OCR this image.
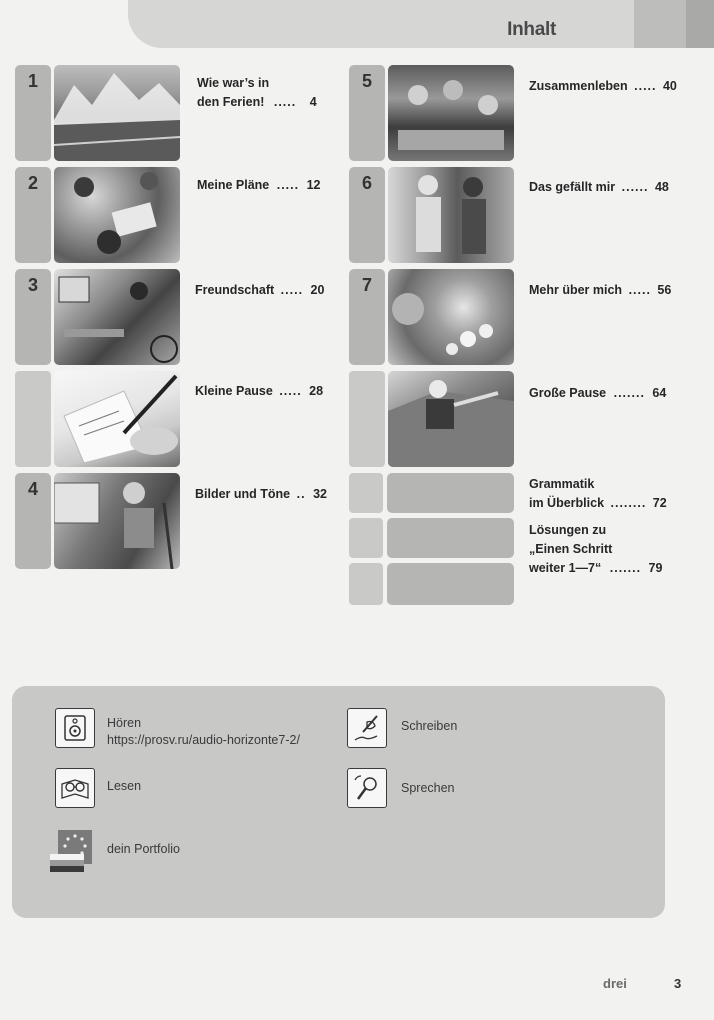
Inhalt
1	Wie war’s in
den Ferien! ..... 4
2	Meine Pläne ..... 12
3	Freundschaft ..... 20
Kleine Pause ..... 28
4	Bilder und Töne .. 32
5	Zusammenleben ..... 40
6	Das gefällt mir ...... 48
7	Mehr über mich ..... 56
Große Pause ....... 64
Grammatik
im Überblick ........ 72
Lösungen zu
„Einen Schritt
weiter 1—7“ ....... 79
Hören
https://prosv.ru/audio-horizonte7-2/
Lesen
Schreiben
Sprechen
dein Portfolio
drei	3
